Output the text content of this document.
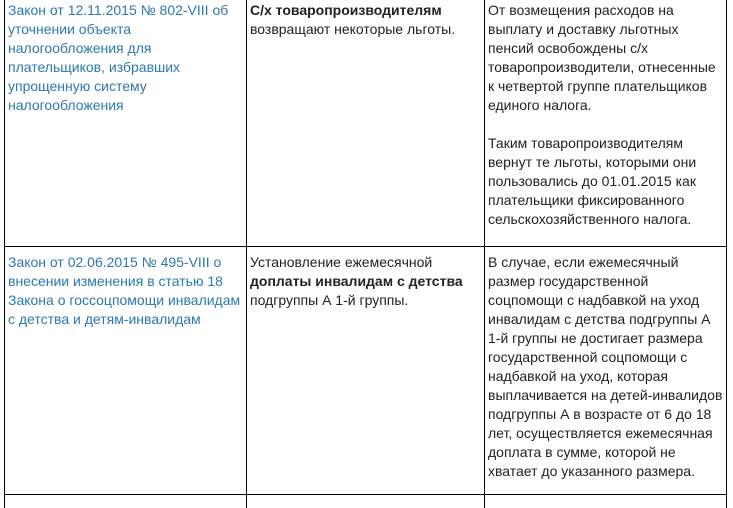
Закон от 12.11.2015 № 802-VIII об уточнении объекта налогообложения для плательщиков, избравших упрощенную систему налогообложения	С/х товаропроизводителям возвращают некоторые льготы.	От возмещения расходов на выплату и доставку льготных пенсий освобождены с/х товаропроизводители, отнесенные к четвертой группе плательщиков единого налога.

Таким товаропроизводителям вернут те льготы, которыми они пользовались до 01.01.2015 как плательщики фиксированного сельскохозяйственного налога.

Закон от 02.06.2015 № 495-VIII о внесении изменения в статью 18 Закона о госсоцпомощи инвалидам с детства и детям-инвалидам	Установление ежемесячной доплаты инвалидам с детства подгруппы А 1-й группы.	В случае, если ежемесячный размер государственной соцпомощи с надбавкой на уход инвалидам с детства подгруппы А 1-й группы не достигает размера государственной соцпомощи с надбавкой на уход, которая выплачивается на детей-инвалидов подгруппы А в возрасте от 6 до 18 лет, осуществляется ежемесячная доплата в сумме, которой не хватает до указанного размера.
